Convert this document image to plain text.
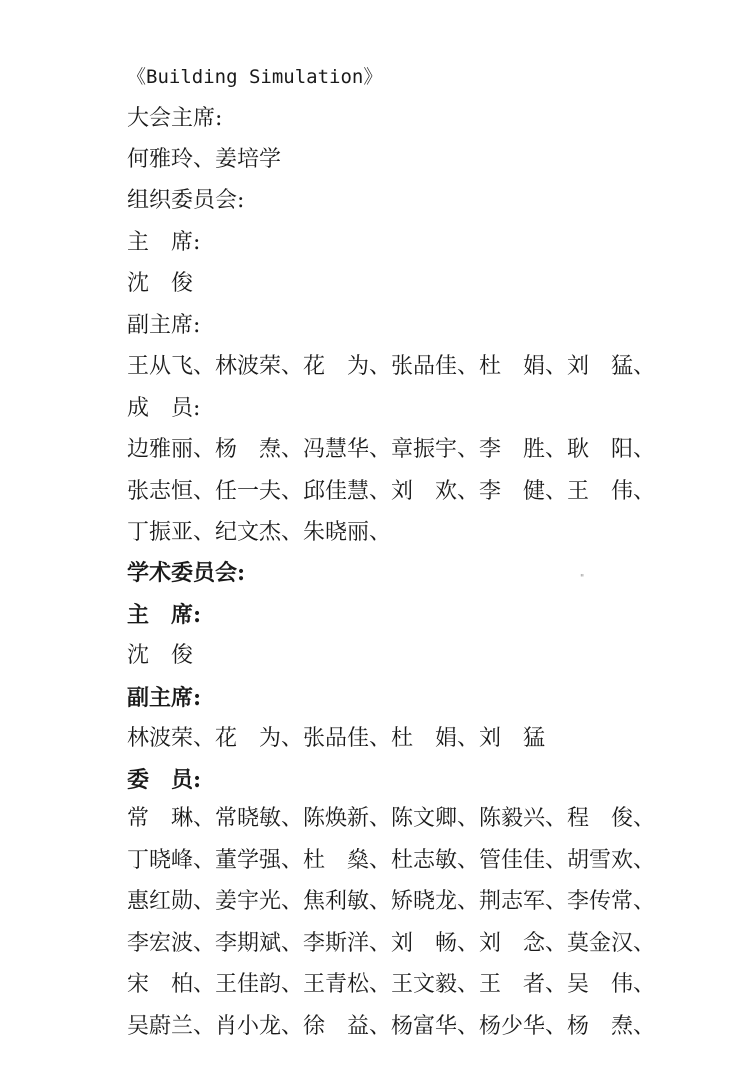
《Building Simulation》
大会主席:
何雅玲、姜培学
组织委员会:
主　席:
沈　俊
副主席:
王从飞、林波荣、花　为、张品佳、杜　娟、刘　猛、
成　员:
边雅丽、杨　焘、冯慧华、章振宇、李　胜、耿　阳、
张志恒、任一夫、邱佳慧、刘　欢、李　健、王　伟、
丁振亚、纪文杰、朱晓丽、
学术委员会:
主　席:
沈　俊
副主席:
林波荣、花　为、张品佳、杜　娟、刘　猛
委　员:
常　琳、常晓敏、陈焕新、陈文卿、陈毅兴、程　俊、
丁晓峰、董学强、杜　燊、杜志敏、管佳佳、胡雪欢、
惠红勋、姜宇光、焦利敏、矫晓龙、荆志军、李传常、
李宏波、李期斌、李斯洋、刘　畅、刘　念、莫金汉、
宋　柏、王佳韵、王青松、王文毅、王　者、吴　伟、
吴蔚兰、肖小龙、徐　益、杨富华、杨少华、杨　焘、
"
